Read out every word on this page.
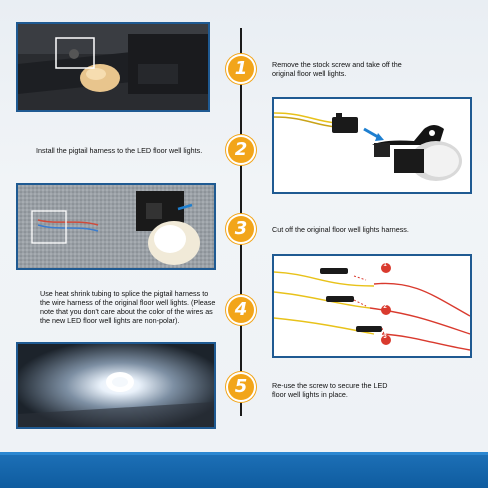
1
2
3
1
2
3
4
5
Remove the stock screw and take off the original floor well lights.
Install the pigtail harness to the LED floor well lights.
Cut off the original floor well lights harness.
Use heat shrink tubing to splice the pigtail harness to the wire harness of the original floor well lights. (Please note that you don't care about the color of the wires as the new LED floor well lights are non-polar).
Re-use the screw to secure the LED floor well lights in place.
